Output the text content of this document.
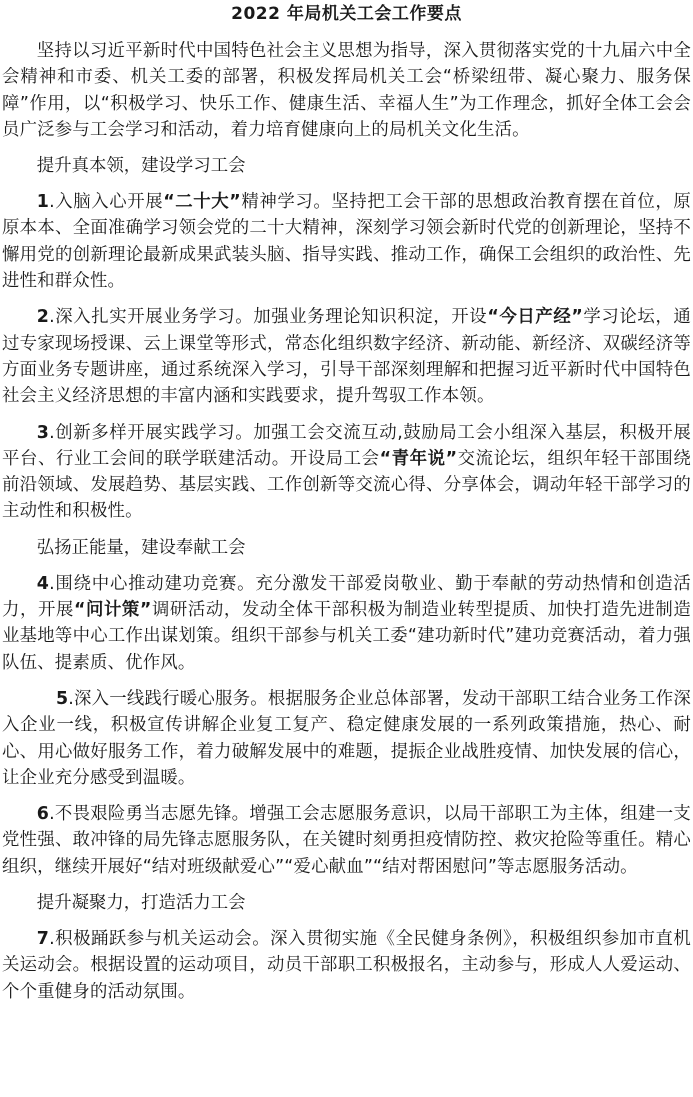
2022 年局机关工会工作要点

坚持以习近平新时代中国特色社会主义思想为指导，深入贯彻落实党的十九届六中全会精神和市委、机关工委的部署，积极发挥局机关工会“桥梁纽带、凝心聚力、服务保障”作用，以“积极学习、快乐工作、健康生活、幸福人生”为工作理念，抓好全体工会会员广泛参与工会学习和活动，着力培育健康向上的局机关文化生活。

提升真本领，建设学习工会

1.入脑入心开展“二十大”精神学习。坚持把工会干部的思想政治教育摆在首位，原原本本、全面准确学习领会党的二十大精神，深刻学习领会新时代党的创新理论，坚持不懈用党的创新理论最新成果武装头脑、指导实践、推动工作，确保工会组织的政治性、先进性和群众性。

2.深入扎实开展业务学习。加强业务理论知识积淀，开设“今日产经”学习论坛，通过专家现场授课、云上课堂等形式，常态化组织数字经济、新动能、新经济、双碳经济等方面业务专题讲座，通过系统深入学习，引导干部深刻理解和把握习近平新时代中国特色社会主义经济思想的丰富内涵和实践要求，提升驾驭工作本领。

3.创新多样开展实践学习。加强工会交流互动,鼓励局工会小组深入基层，积极开展平台、行业工会间的联学联建活动。开设局工会“青年说”交流论坛，组织年轻干部围绕前沿领域、发展趋势、基层实践、工作创新等交流心得、分享体会，调动年轻干部学习的主动性和积极性。

弘扬正能量，建设奉献工会

4.围绕中心推动建功竞赛。充分激发干部爱岗敬业、勤于奉献的劳动热情和创造活力，开展“问计策”调研活动，发动全体干部积极为制造业转型提质、加快打造先进制造业基地等中心工作出谋划策。组织干部参与机关工委“建功新时代”建功竞赛活动，着力强队伍、提素质、优作风。

5.深入一线践行暖心服务。根据服务企业总体部署，发动干部职工结合业务工作深入企业一线，积极宣传讲解企业复工复产、稳定健康发展的一系列政策措施，热心、耐心、用心做好服务工作，着力破解发展中的难题，提振企业战胜疫情、加快发展的信心，让企业充分感受到温暖。

6.不畏艰险勇当志愿先锋。增强工会志愿服务意识，以局干部职工为主体，组建一支党性强、敢冲锋的局先锋志愿服务队，在关键时刻勇担疫情防控、救灾抢险等重任。精心组织，继续开展好“结对班级献爱心”“爱心献血”“结对帮困慰问”等志愿服务活动。

提升凝聚力，打造活力工会

7.积极踊跃参与机关运动会。深入贯彻实施《全民健身条例》，积极组织参加市直机关运动会。根据设置的运动项目，动员干部职工积极报名，主动参与，形成人人爱运动、个个重健身的活动氛围。
